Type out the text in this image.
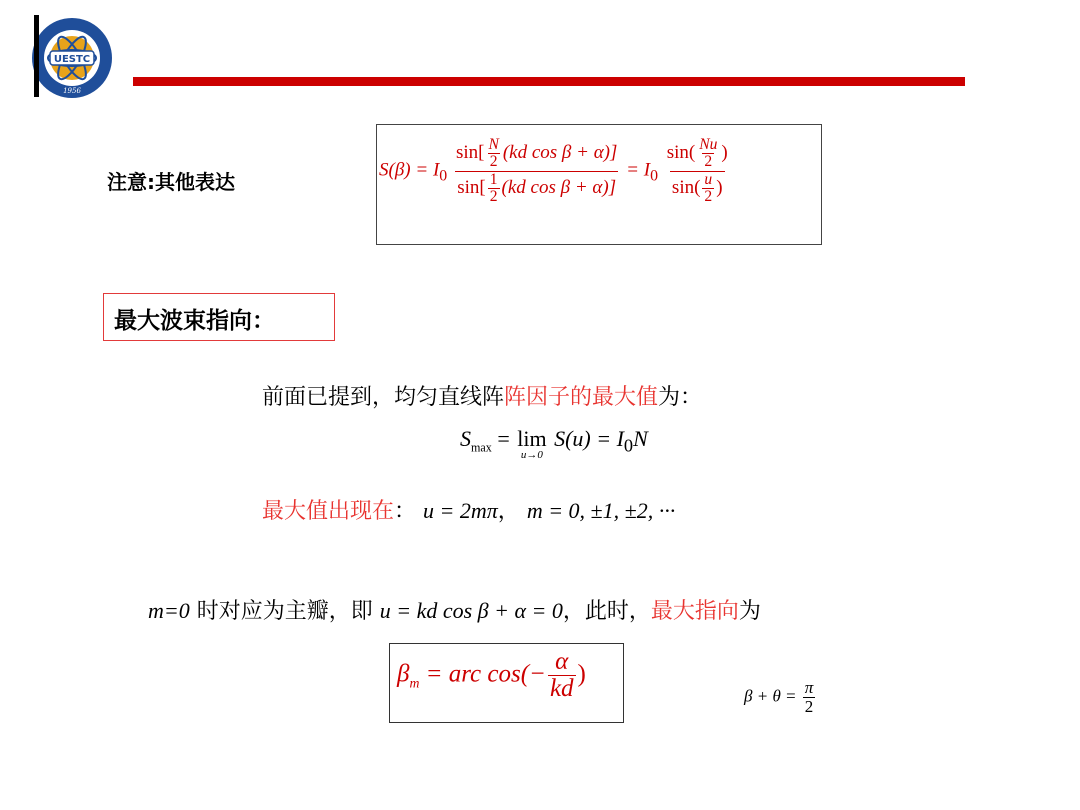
UESTC
1956
注意:其他表达	$S(\beta) = I_0 \frac{\sin[ \frac{N}{2} (kd \cos \beta + \alpha)]}{\sin[ \frac{1}{2} (kd \cos \beta + \alpha)]} = I_0 \frac{\sin( \frac{Nu}{2} )}{\sin( \frac{u}{2} )}$
最大波束指向：
前面已提到，均匀直线阵阵因子的最大值为：
$S_{max} = \lim$
u→0
$S(u) = I_0N$
最大值出现在： u = 2mπ， m = 0, ±1, ±2, ···
m=0 时对应为主瓣，即 u = kd cos β + α = 0，此时，最大指向为
$\beta_m$ = arc $\cos(- \frac{\alpha}{kd}$ )
$\beta + \theta = \frac{\pi}{2}$
